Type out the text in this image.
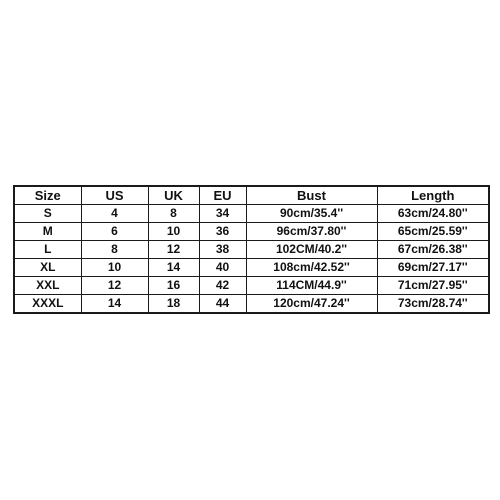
Size	US	UK	EU	Bust	Length
S	4	8	34	90cm/35.4''	63cm/24.80''
M	6	10	36	96cm/37.80''	65cm/25.59''
L	8	12	38	102CM/40.2''	67cm/26.38''
XL	10	14	40	108cm/42.52''	69cm/27.17''
XXL	12	16	42	114CM/44.9''	71cm/27.95''
XXXL	14	18	44	120cm/47.24''	73cm/28.74''
